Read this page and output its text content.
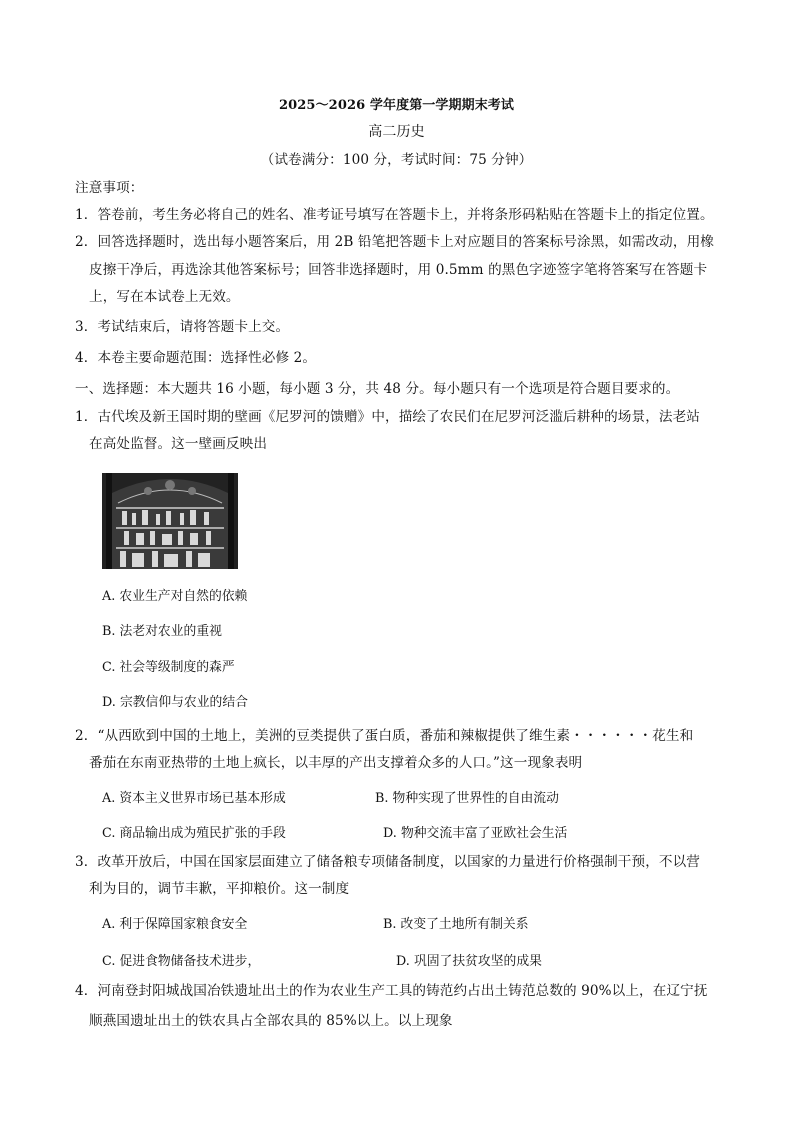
2025～2026 学年度第一学期期末考试
高二历史
（试卷满分：100 分，考试时间：75 分钟）
注意事项：
1．答卷前，考生务必将自己的姓名、准考证号填写在答题卡上，并将条形码粘贴在答题卡上的指定位置。
2．回答选择题时，选出每小题答案后，用 2B 铅笔把答题卡上对应题目的答案标号涂黑，如需改动，用橡
皮擦干净后，再选涂其他答案标号；回答非选择题时，用 0.5mm 的黑色字迹签字笔将答案写在答题卡
上，写在本试卷上无效。
3．考试结束后，请将答题卡上交。
4．本卷主要命题范围：选择性必修 2。
一、选择题：本大题共 16 小题，每小题 3 分，共 48 分。每小题只有一个选项是符合题目要求的。
1．古代埃及新王国时期的壁画《尼罗河的馈赠》中，描绘了农民们在尼罗河泛滥后耕种的场景，法老站
在高处监督。这一壁画反映出
A. 农业生产对自然的依赖
B. 法老对农业的重视
C. 社会等级制度的森严
D. 宗教信仰与农业的结合
2．“从西欧到中国的土地上，美洲的豆类提供了蛋白质，番茄和辣椒提供了维生素・・・・・・花生和
番茄在东南亚热带的土地上疯长，以丰厚的产出支撑着众多的人口。”这一现象表明
A. 资本主义世界市场已基本形成	B. 物种实现了世界性的自由流动
C. 商品输出成为殖民扩张的手段	D. 物种交流丰富了亚欧社会生活
3．改革开放后，中国在国家层面建立了储备粮专项储备制度，以国家的力量进行价格强制干预，不以营
利为目的，调节丰歉，平抑粮价。这一制度
A. 利于保障国家粮食安全	B. 改变了土地所有制关系
C. 促进食物储备技术进步，	D. 巩固了扶贫攻坚的成果
4．河南登封阳城战国冶铁遗址出土的作为农业生产工具的铸范约占出土铸范总数的 90%以上，在辽宁抚
顺燕国遗址出土的铁农具占全部农具的 85%以上。以上现象
